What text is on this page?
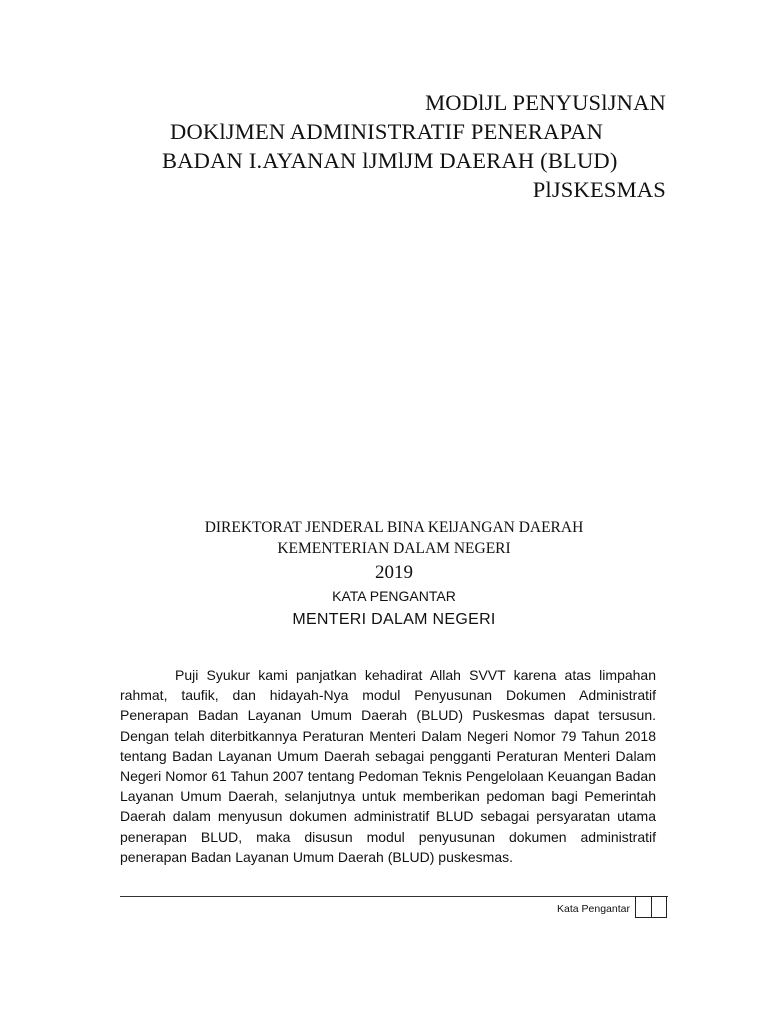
MODlJL PENYUSlJNAN
DOKlJMEN ADMINISTRATIF PENERAPAN
BADAN I.AYANAN lJMlJM DAERAH (BLUD)
PlJSKESMAS
DIREKTORAT JENDERAL BINA KElJANGAN DAERAH
KEMENTERIAN DALAM NEGERI
2019
KATA PENGANTAR
MENTERI DALAM NEGERI

Puji Syukur kami panjatkan kehadirat Allah SVVT karena atas limpahan rahmat, taufik, dan hidayah-Nya modul Penyusunan Dokumen Administratif Penerapan Badan Layanan Umum Daerah (BLUD) Puskesmas dapat tersusun. Dengan telah diterbitkannya Peraturan Menteri Dalam Negeri Nomor 79 Tahun 2018 tentang Badan Layanan Umum Daerah sebagai pengganti Peraturan Menteri Dalam Negeri Nomor 61 Tahun 2007 tentang Pedoman Teknis Pengelolaan Keuangan Badan Layanan Umum Daerah, selanjutnya untuk memberikan pedoman bagi Pemerintah Daerah dalam menyusun dokumen administratif BLUD sebagai persyaratan utama penerapan BLUD, maka disusun modul penyusunan dokumen administratif penerapan Badan Layanan Umum Daerah (BLUD) puskesmas.

Kata Pengantar
